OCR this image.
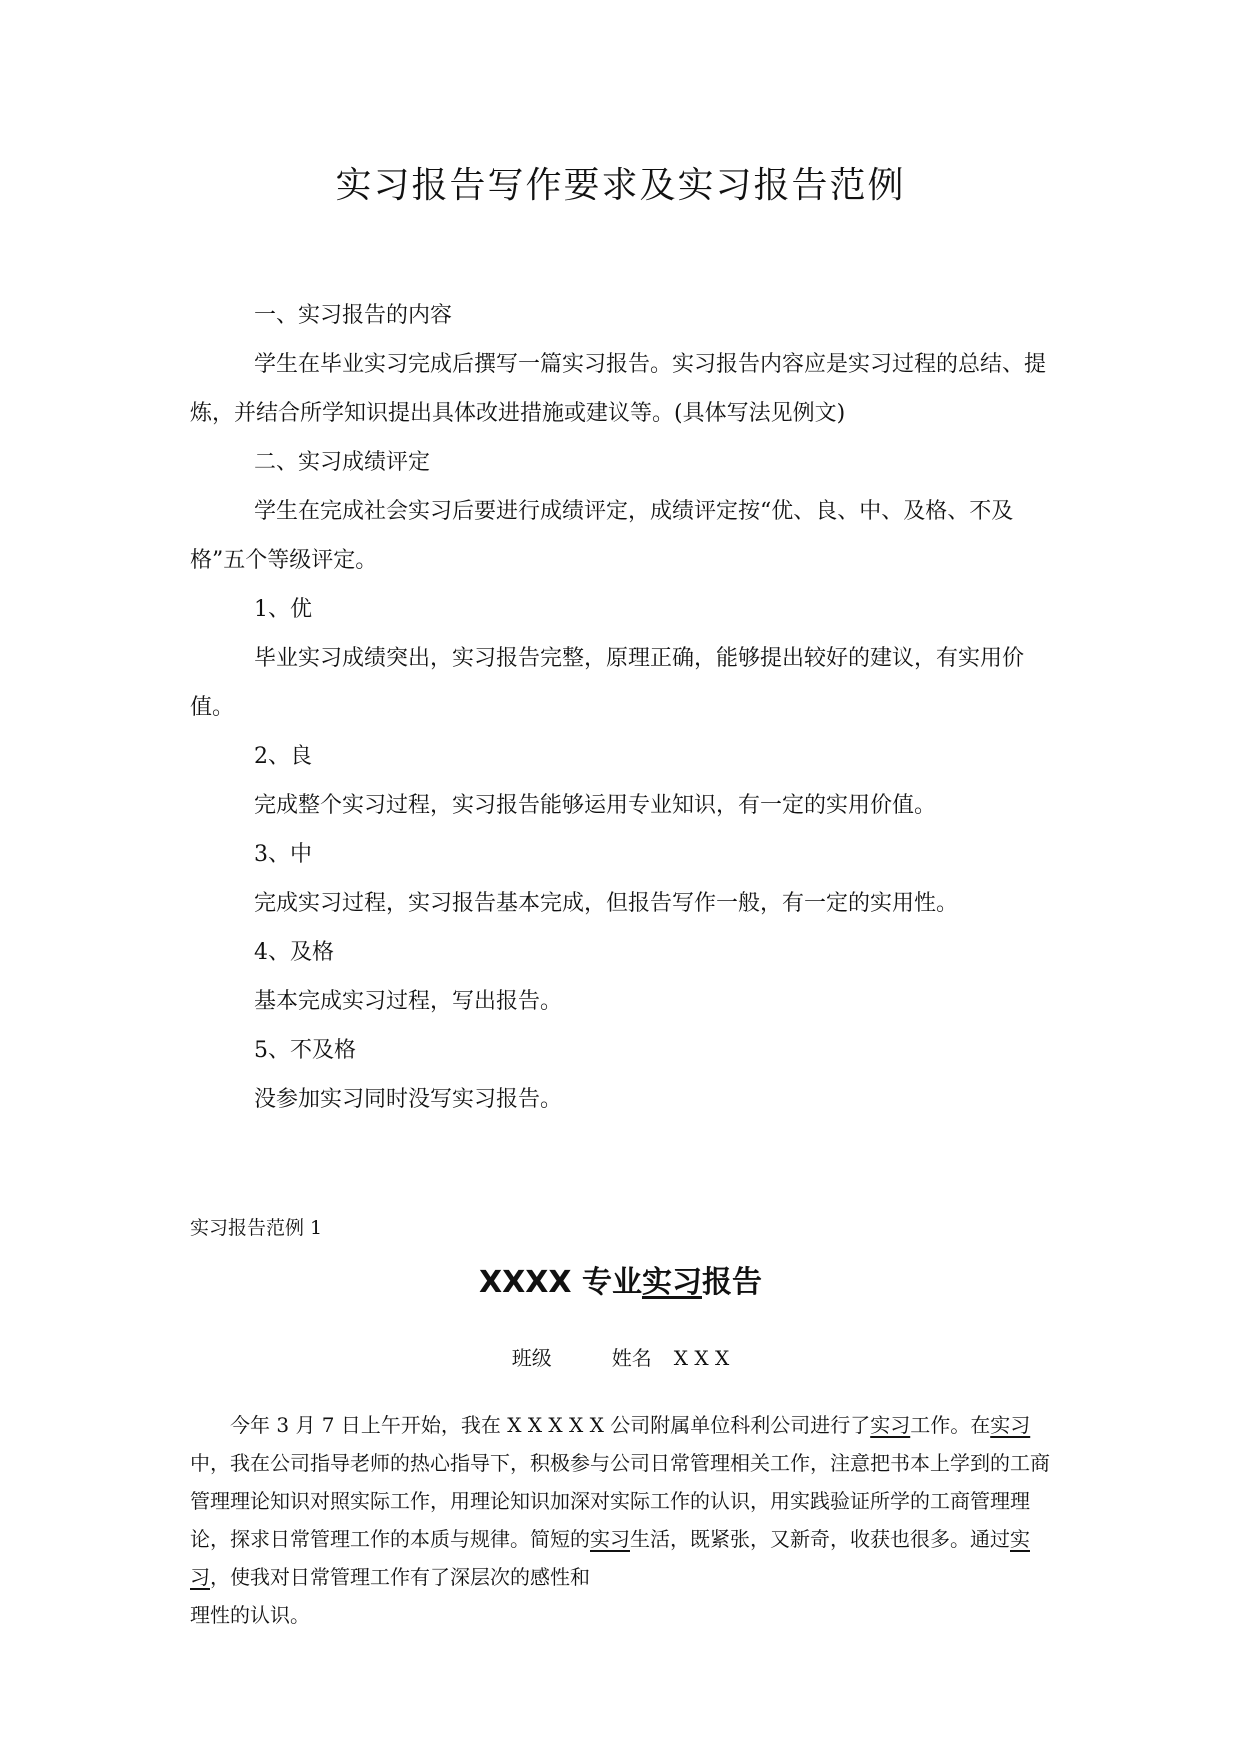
实习报告写作要求及实习报告范例

一、实习报告的内容

学生在毕业实习完成后撰写一篇实习报告。实习报告内容应是实习过程的总结、提炼，并结合所学知识提出具体改进措施或建议等。(具体写法见例文)

二、实习成绩评定

学生在完成社会实习后要进行成绩评定，成绩评定按“优、良、中、及格、不及格”五个等级评定。

1、优

毕业实习成绩突出，实习报告完整，原理正确，能够提出较好的建议，有实用价值。

2、良

完成整个实习过程，实习报告能够运用专业知识，有一定的实用价值。

3、中

完成实习过程，实习报告基本完成，但报告写作一般，有一定的实用性。

4、及格

基本完成实习过程，写出报告。

5、不及格

没参加实习同时没写实习报告。

实习报告范例 1
XXXX 专业实习报告
班级	姓名 X X X

今年 3 月 7 日上午开始，我在 X X X X X 公司附属单位科利公司进行了实习工作。在实习中，我在公司指导老师的热心指导下，积极参与公司日常管理相关工作，注意把书本上学到的工商管理理论知识对照实际工作，用理论知识加深对实际工作的认识，用实践验证所学的工商管理理论，探求日常管理工作的本质与规律。简短的实习生活，既紧张，又新奇，收获也很多。通过实习，使我对日常管理工作有了深层次的感性和

理性的认识。
